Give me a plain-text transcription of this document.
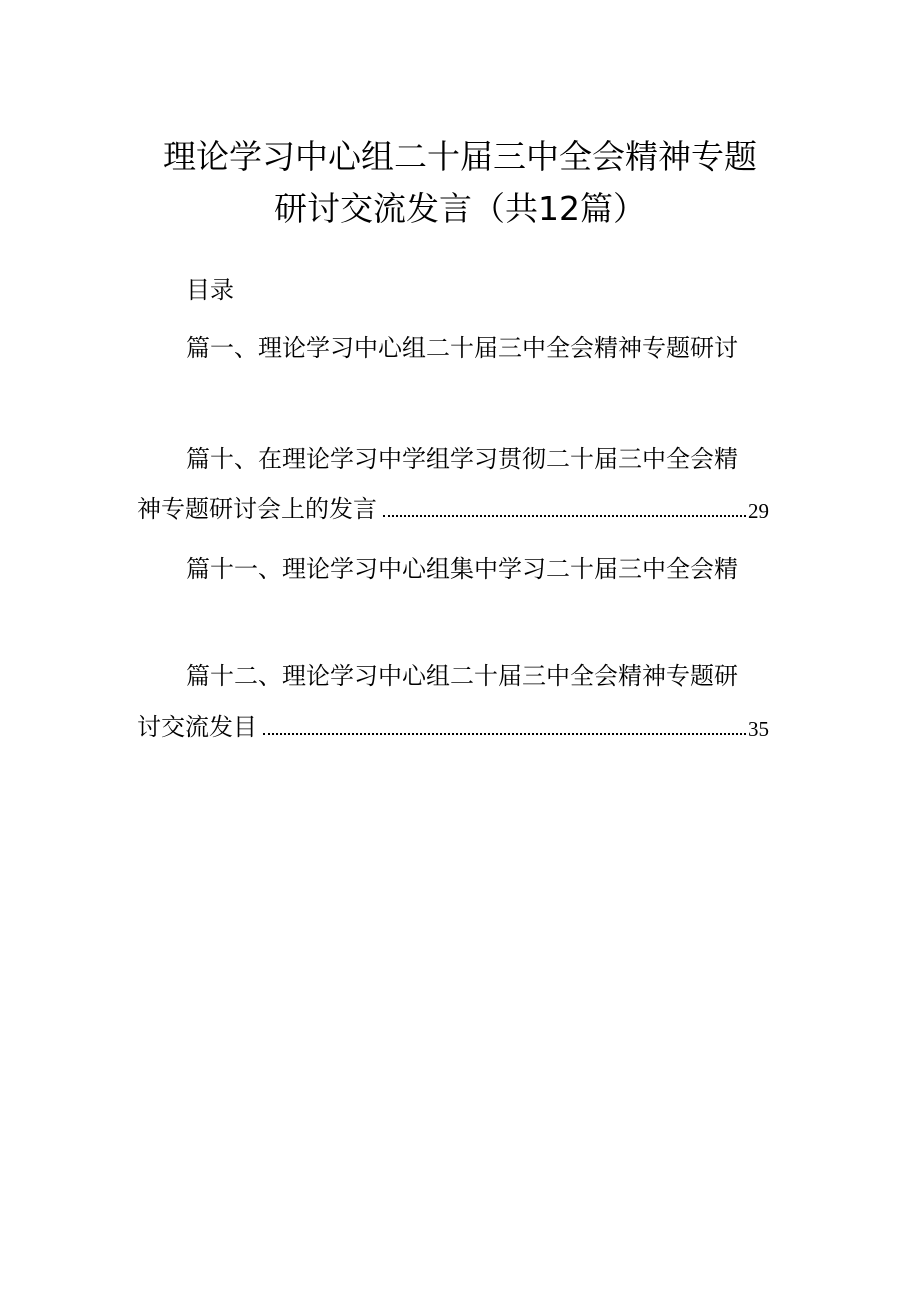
理论学习中心组二十届三中全会精神专题
研讨交流发言（共12篇）
目录
篇一、理论学习中心组二十届三中全会精神专题研讨
篇十、在理论学习中学组学习贯彻二十届三中全会精
神专题研讨会上的发言	29
篇十一、理论学习中心组集中学习二十届三中全会精
篇十二、理论学习中心组二十届三中全会精神专题研
讨交流发目	35
